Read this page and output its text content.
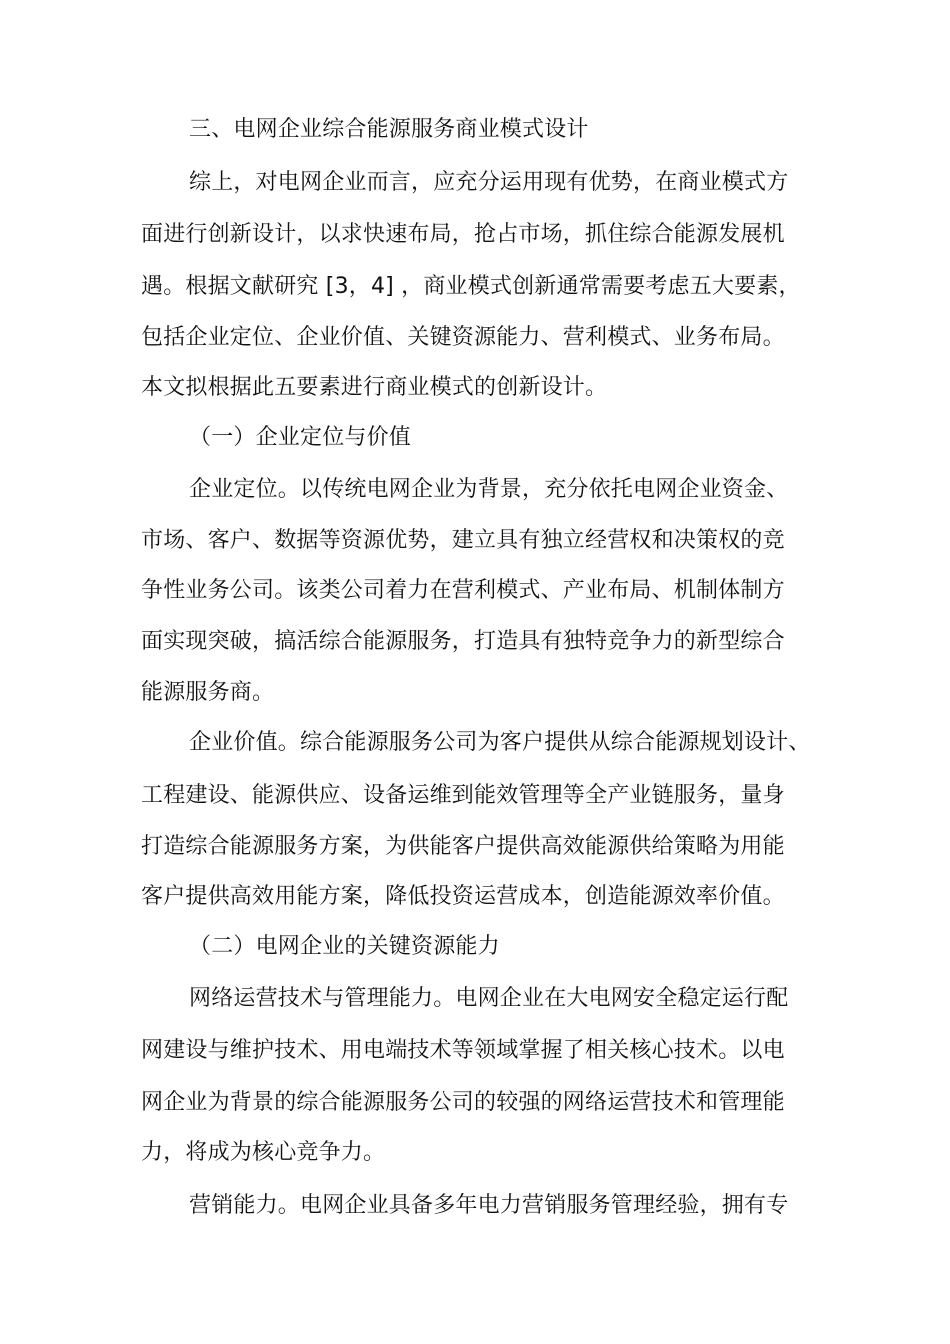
三、电网企业综合能源服务商业模式设计
综上，对电网企业而言，应充分运用现有优势，在商业模式方
面进行创新设计，以求快速布局，抢占市场，抓住综合能源发展机
遇。根据文献研究 [3，4] ，商业模式创新通常需要考虑五大要素，
包括企业定位、企业价值、关键资源能力、营利模式、业务布局。
本文拟根据此五要素进行商业模式的创新设计。
（一）企业定位与价值
企业定位。以传统电网企业为背景，充分依托电网企业资金、
市场、客户、数据等资源优势，建立具有独立经营权和决策权的竞
争性业务公司。该类公司着力在营利模式、产业布局、机制体制方
面实现突破，搞活综合能源服务，打造具有独特竞争力的新型综合
能源服务商。
企业价值。综合能源服务公司为客户提供从综合能源规划设计、
工程建设、能源供应、设备运维到能效管理等全产业链服务，量身
打造综合能源服务方案，为供能客户提供高效能源供给策略为用能
客户提供高效用能方案，降低投资运营成本，创造能源效率价值。
（二）电网企业的关键资源能力
网络运营技术与管理能力。电网企业在大电网安全稳定运行配
网建设与维护技术、用电端技术等领域掌握了相关核心技术。以电
网企业为背景的综合能源服务公司的较强的网络运营技术和管理能
力，将成为核心竞争力。
营销能力。电网企业具备多年电力营销服务管理经验，拥有专
